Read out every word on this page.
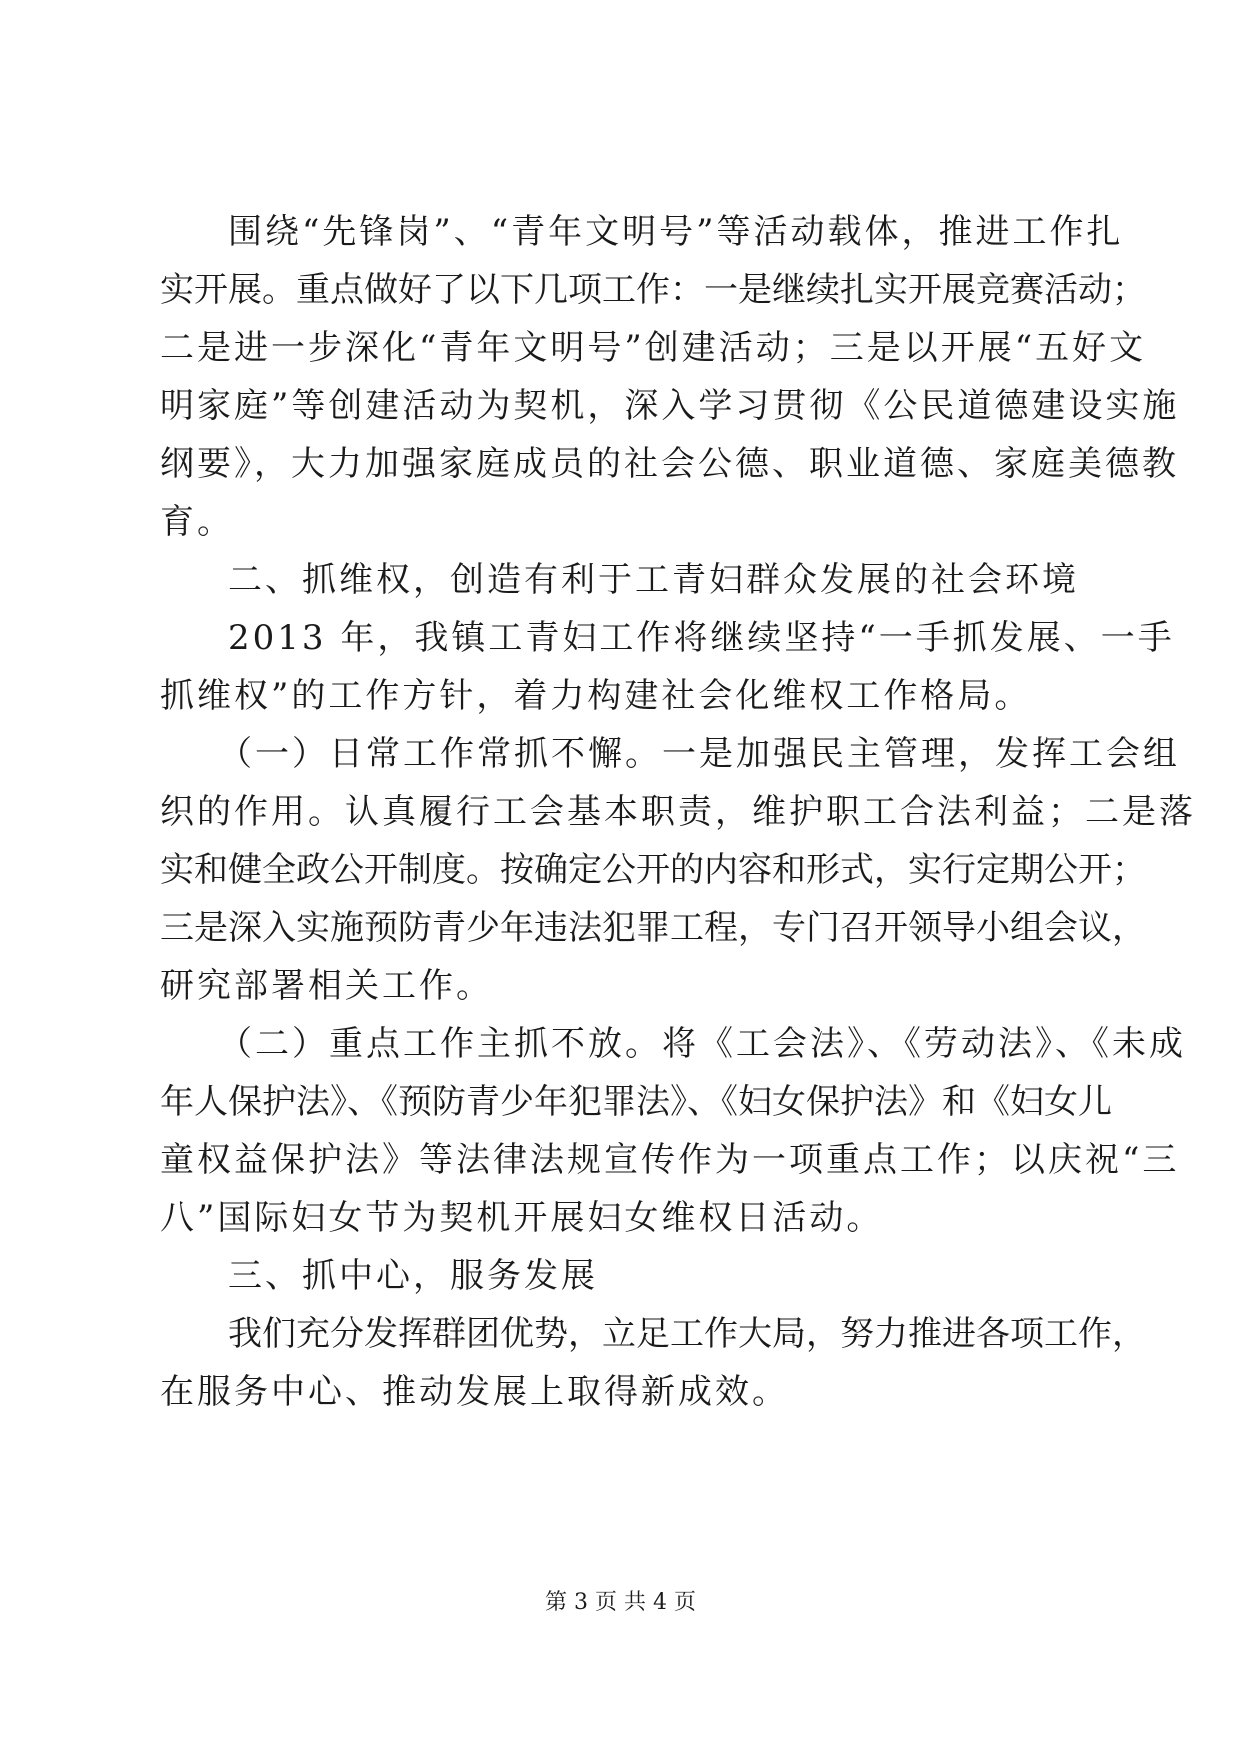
围绕“先锋岗”、“青年文明号”等活动载体，推进工作扎
实开展。重点做好了以下几项工作：一是继续扎实开展竞赛活动；
二是进一步深化“青年文明号”创建活动；三是以开展“五好文
明家庭”等创建活动为契机，深入学习贯彻《公民道德建设实施
纲要》，大力加强家庭成员的社会公德、职业道德、家庭美德教
育。
二、抓维权，创造有利于工青妇群众发展的社会环境
2013 年，我镇工青妇工作将继续坚持“一手抓发展、一手
抓维权”的工作方针，着力构建社会化维权工作格局。
（一）日常工作常抓不懈。一是加强民主管理，发挥工会组
织的作用。认真履行工会基本职责，维护职工合法利益；二是落
实和健全政公开制度。按确定公开的内容和形式，实行定期公开；
三是深入实施预防青少年违法犯罪工程，专门召开领导小组会议，
研究部署相关工作。
（二）重点工作主抓不放。将《工会法》、《劳动法》、《未成
年人保护法》、《预防青少年犯罪法》、《妇女保护法》和《妇女儿
童权益保护法》等法律法规宣传作为一项重点工作；以庆祝“三
八”国际妇女节为契机开展妇女维权日活动。
三、抓中心，服务发展
我们充分发挥群团优势，立足工作大局，努力推进各项工作，
在服务中心、推动发展上取得新成效。
第 3 页 共 4 页
